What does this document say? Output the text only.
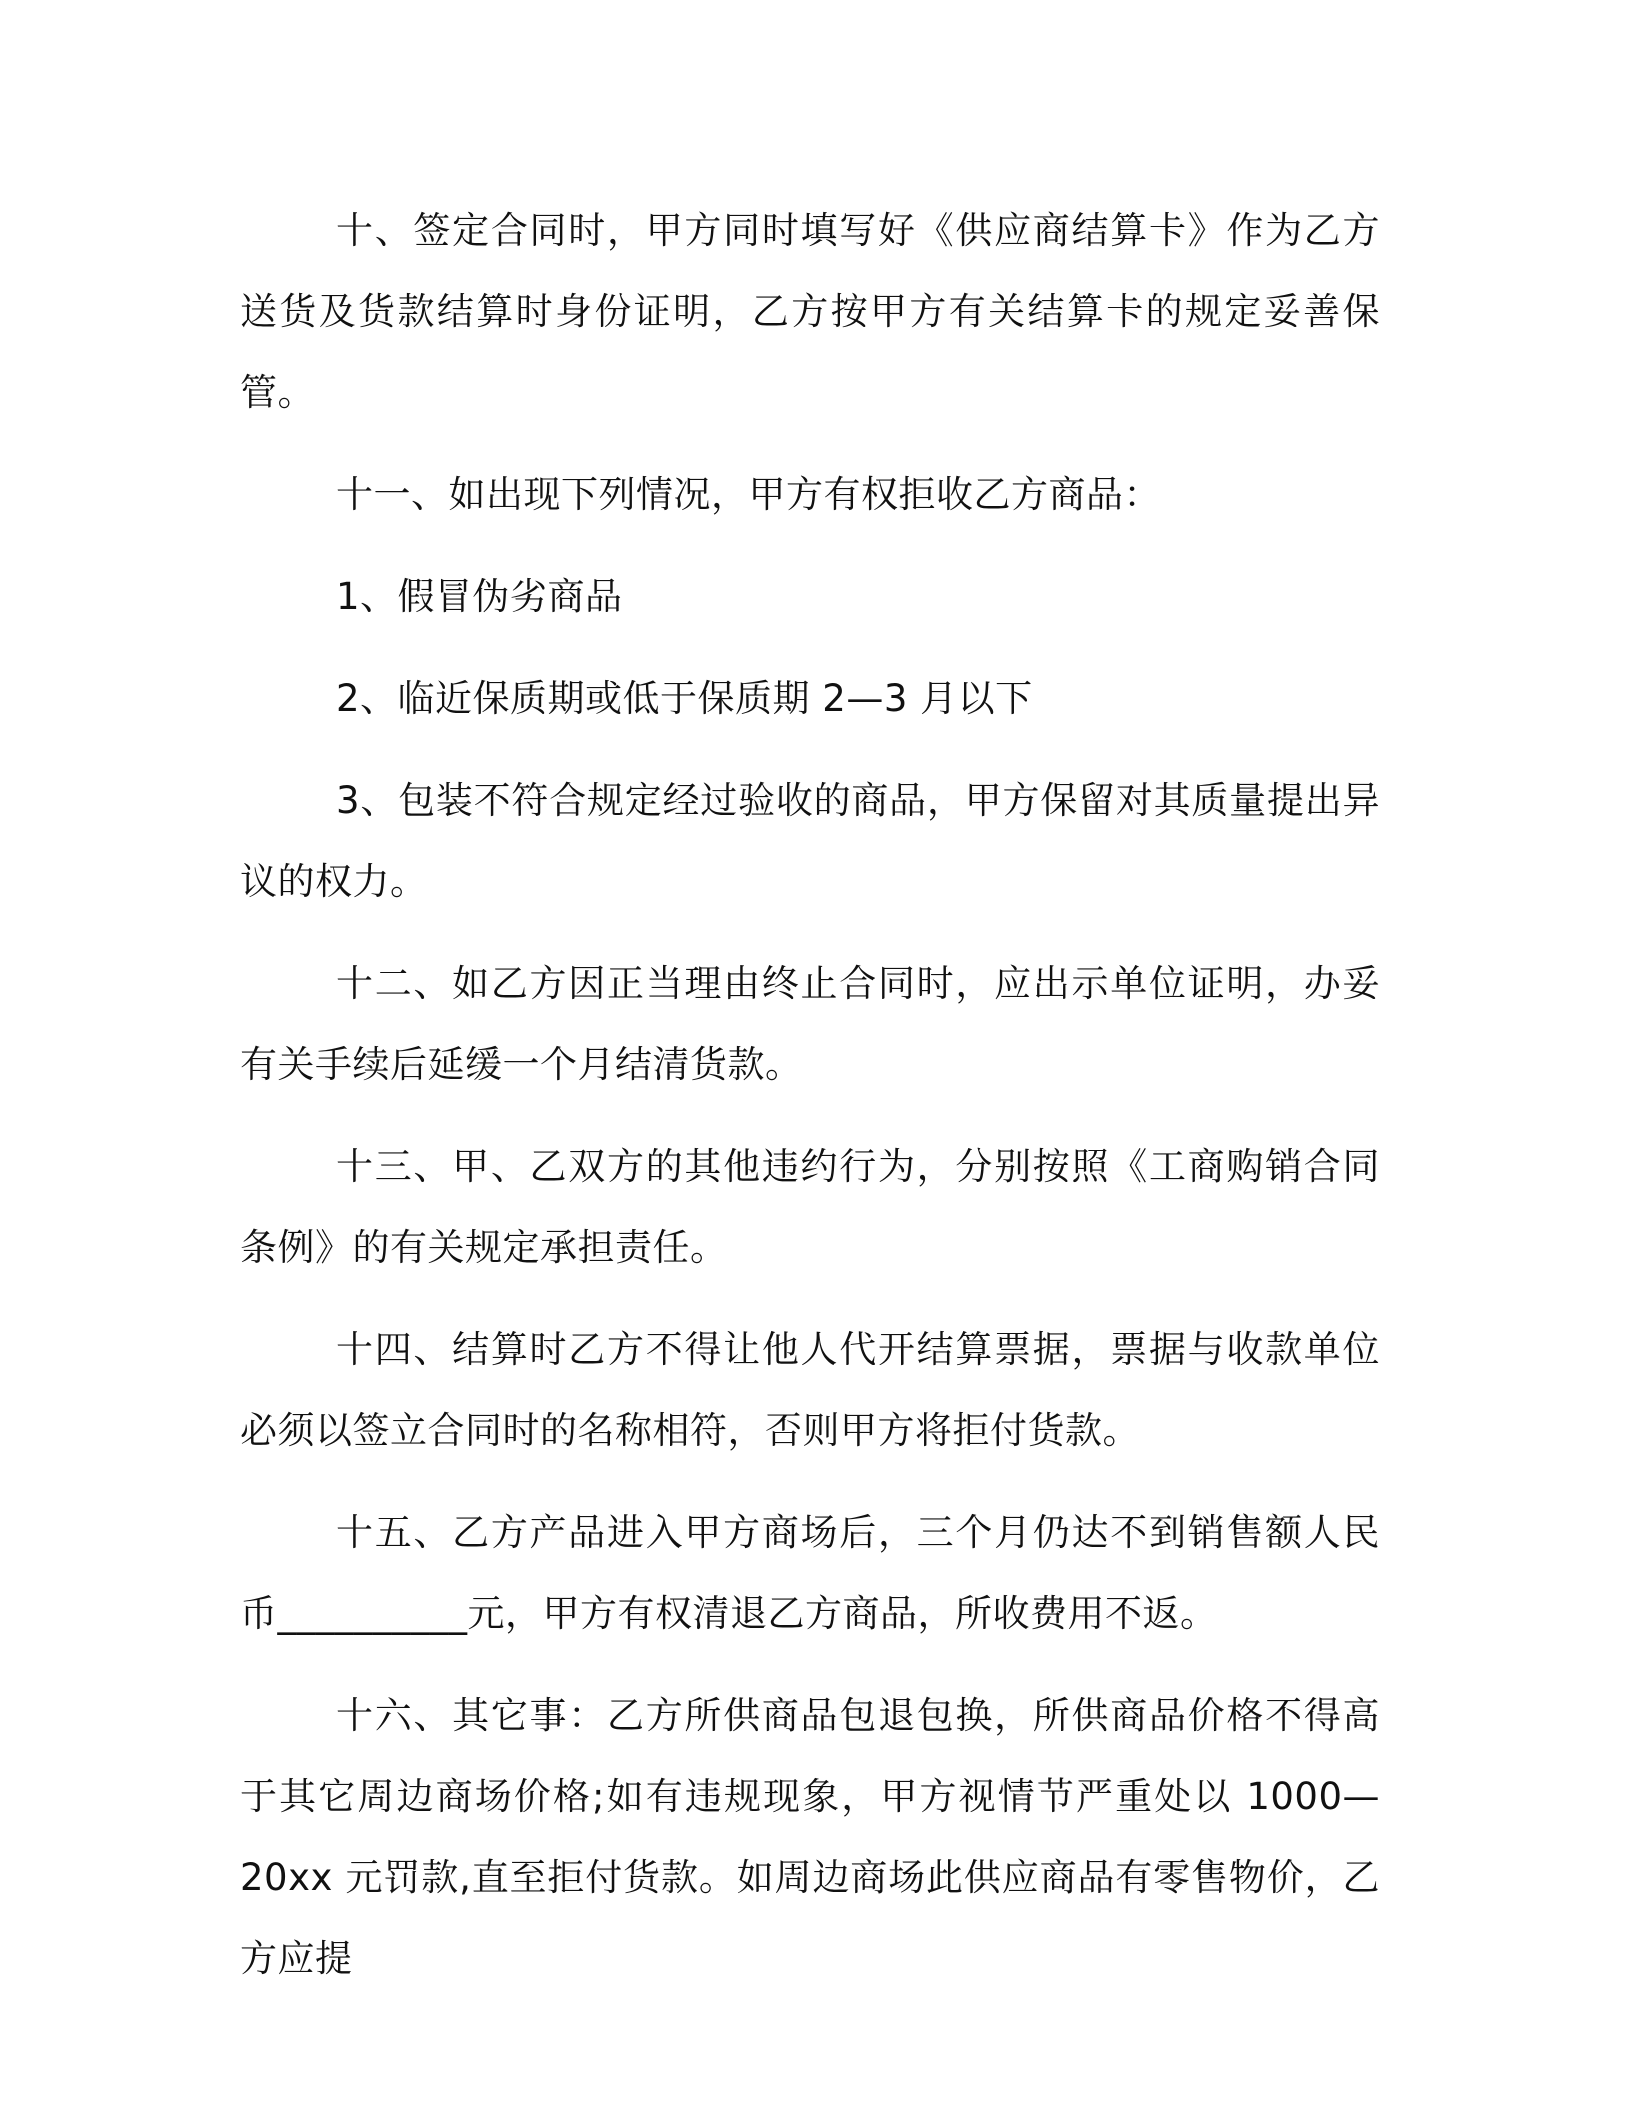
十、签定合同时，甲方同时填写好《供应商结算卡》作为乙方送货及货款结算时身份证明，乙方按甲方有关结算卡的规定妥善保管。

十一、如出现下列情况，甲方有权拒收乙方商品：

1、假冒伪劣商品

2、临近保质期或低于保质期 2—3 月以下

3、包装不符合规定经过验收的商品，甲方保留对其质量提出异议的权力。

十二、如乙方因正当理由终止合同时，应出示单位证明，办妥有关手续后延缓一个月结清货款。

十三、甲、乙双方的其他违约行为，分别按照《工商购销合同条例》的有关规定承担责任。

十四、结算时乙方不得让他人代开结算票据，票据与收款单位必须以签立合同时的名称相符，否则甲方将拒付货款。

十五、乙方产品进入甲方商场后，三个月仍达不到销售额人民币__________元，甲方有权清退乙方商品，所收费用不返。

十六、其它事：乙方所供商品包退包换，所供商品价格不得高于其它周边商场价格;如有违规现象，甲方视情节严重处以 1000—20xx 元罚款,直至拒付货款。如周边商场此供应商品有零售物价，乙方应提
